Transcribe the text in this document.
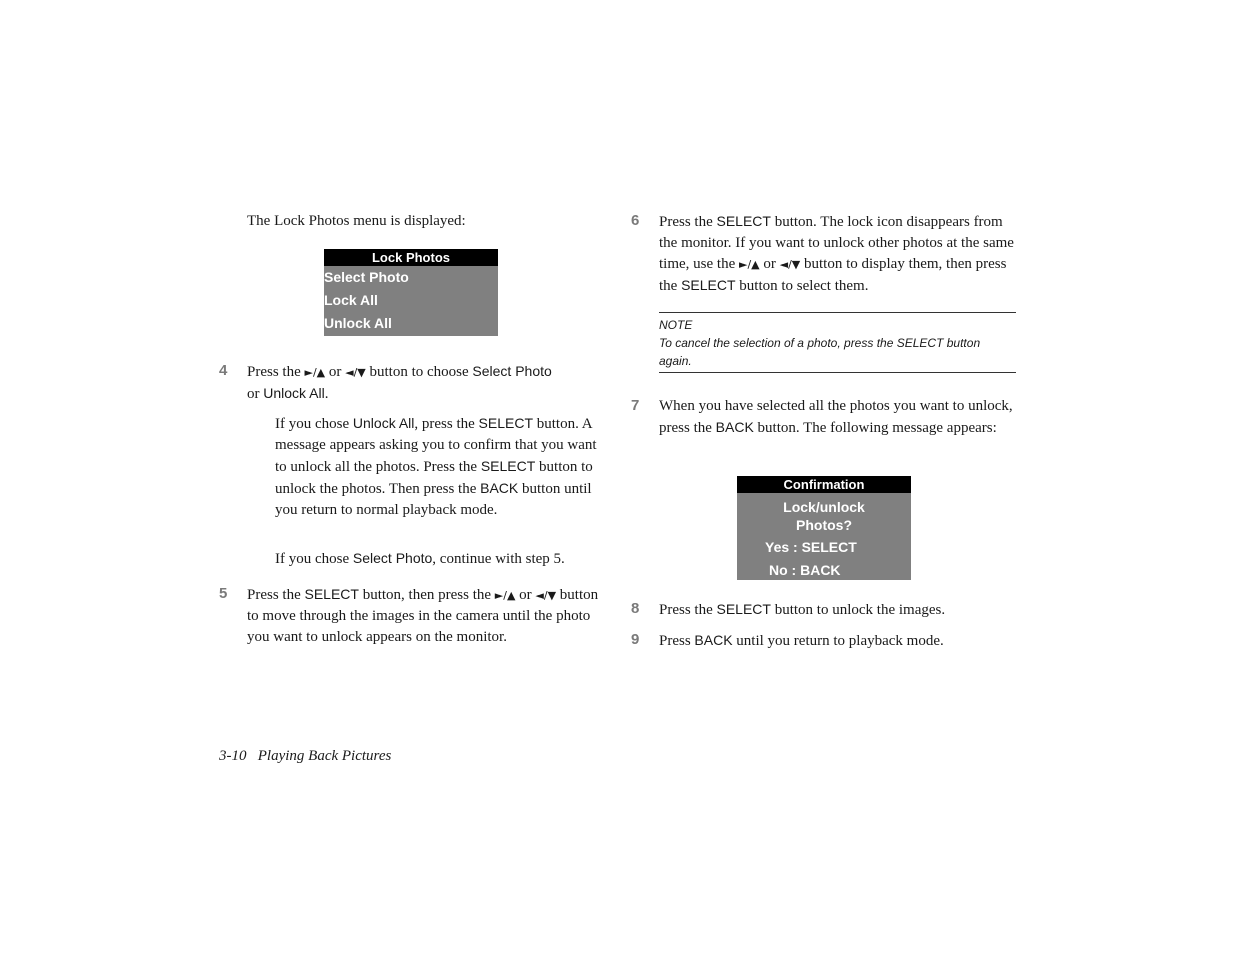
The Lock Photos menu is displayed:

Lock Photos
Select Photo
Lock All
Unlock All
4 Press the ►/▲ or ◄/▼ button to choose Select Photo
or Unlock All.

If you chose Unlock All, press the SELECT button. A message appears asking you to confirm that you want to unlock all the photos. Press the SELECT button to unlock the photos. Then press the BACK button until you return to normal playback mode.

If you chose Select Photo, continue with step 5.

5 Press the SELECT button, then press the ►/▲ or ◄/▼ button to move through the images in the camera until the photo you want to unlock appears on the monitor.

6 Press the SELECT button. The lock icon disappears from the monitor. If you want to unlock other photos at the same time, use the ►/▲ or ◄/▼ button to display them, then press the SELECT button to select them.

NOTE
To cancel the selection of a photo, press the SELECT button again.
7 When you have selected all the photos you want to unlock, press the BACK button. The following message appears:

Confirmation
Lock/unlock
Photos?
Yes : SELECT
No : BACK
8 Press the SELECT button to unlock the images.

9 Press BACK until you return to playback mode.

3-10 Playing Back Pictures
